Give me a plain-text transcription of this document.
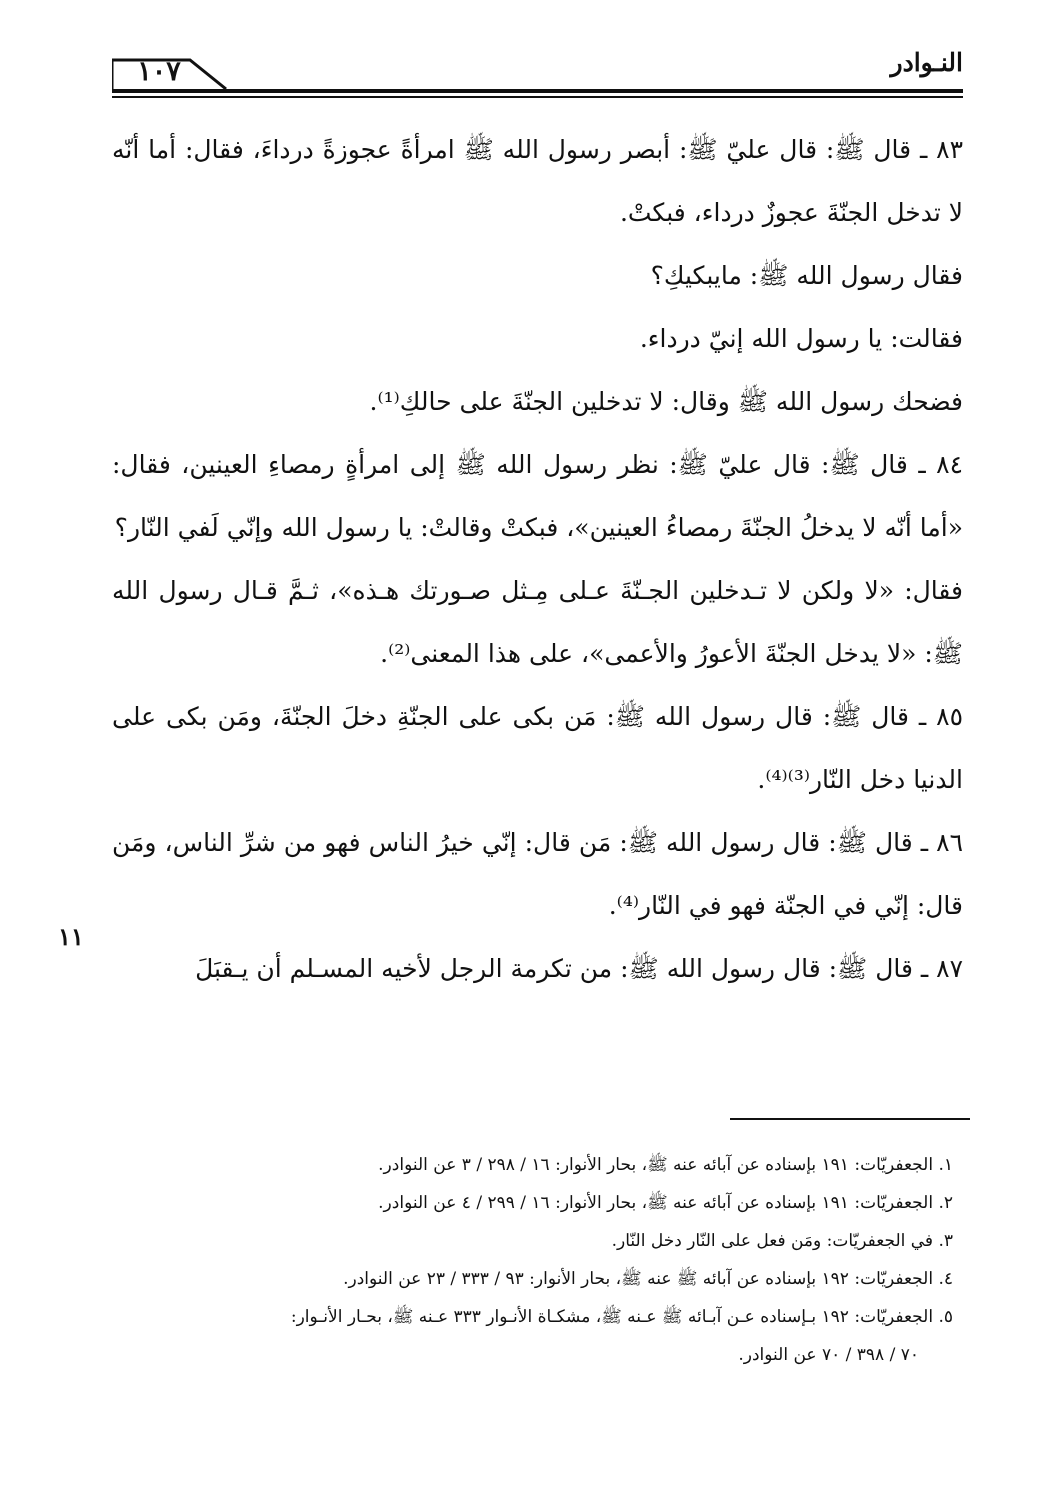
النـوادر
١٠٧
١١

٨٣ ـ قال ﷺ: قال عليّ ﷺ: أبصر رسول الله ﷺ امرأةً عجوزةً درداءَ، فقال: أما أنّه لا تدخل الجنّةَ عجوزٌ درداء، فبكتْ.

فقال رسول الله ﷺ: مايبكيكِ؟

فقالت: يا رسول الله إنيّ درداء.

فضحك رسول الله ﷺ وقال: لا تدخلين الجنّةَ على حالكِ⁽¹⁾.

٨٤ ـ قال ﷺ: قال عليّ ﷺ: نظر رسول الله ﷺ إلى امرأةٍ رمصاءِ العينين، فقال: «أما أنّه لا يدخلُ الجنّةَ رمصاءُ العينين»، فبكتْ وقالتْ: يا رسول الله وإنّي لَفي النّار؟

فقال: «لا ولكن لا تـدخلين الجـنّةَ عـلى مِـثل صـورتك هـذه»، ثـمَّ قـال رسول الله ﷺ: «لا يدخل الجنّةَ الأعورُ والأعمى»، على هذا المعنى⁽²⁾.

٨٥ ـ قال ﷺ: قال رسول الله ﷺ: مَن بكى على الجنّةِ دخلَ الجنّةَ، ومَن بكى على الدنيا دخل النّار⁽³⁾⁽⁴⁾.

٨٦ ـ قال ﷺ: قال رسول الله ﷺ: مَن قال: إنّي خيرُ الناس فهو من شرِّ الناس، ومَن قال: إنّي في الجنّة فهو في النّار⁽⁴⁾.

٨٧ ـ قال ﷺ: قال رسول الله ﷺ: من تكرمة الرجل لأخيه المسـلم أن يـقبَلَ

١. الجعفريّات: ١٩١ بإسناده عن آبائه عنه ﷺ، بحار الأنوار: ١٦ / ٢٩٨ / ٣ عن النوادر.

٢. الجعفريّات: ١٩١ بإسناده عن آبائه عنه ﷺ، بحار الأنوار: ١٦ / ٢٩٩ / ٤ عن النوادر.

٣. في الجعفريّات: ومَن فعل على النّار دخل النّار.

٤. الجعفريّات: ١٩٢ بإسناده عن آبائه ﷺ عنه ﷺ، بحار الأنوار: ٩٣ / ٣٣٣ / ٢٣ عن النوادر.

٥. الجعفريّات: ١٩٢ بـإسناده عـن آبـائه ﷺ عـنه ﷺ، مشكـاة الأنـوار ٣٣٣ عـنه ﷺ، بحـار الأنـوار:

٧٠ / ٣٩٨ / ٧٠ عن النوادر.
